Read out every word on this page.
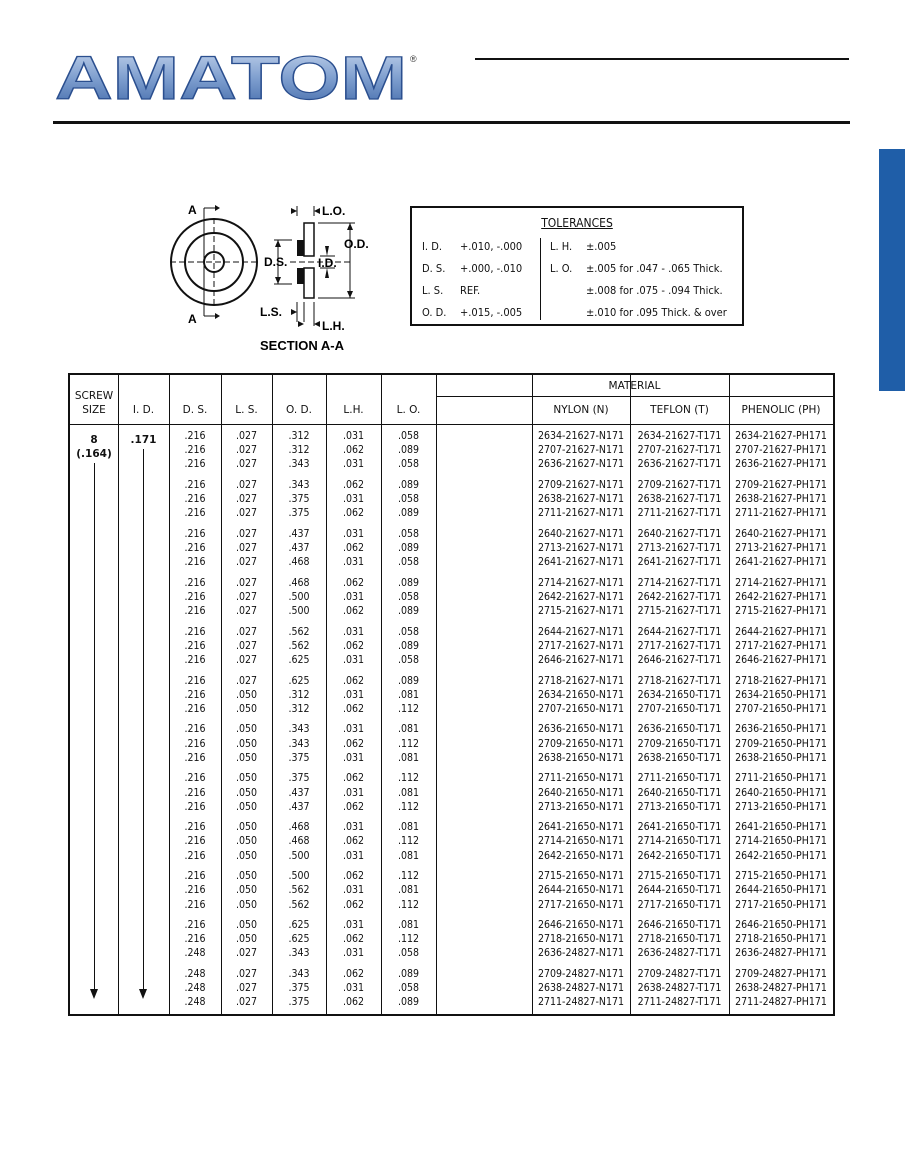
AMATOM ®
A
A
L.O.
O.D.
D.S.	I.D.
L.S.
L.H.
SECTION A-A
TOLERANCES
I. D. +.010, -.000	L. H. ±.005
D. S. +.000, -.010	L. O. ±.005 for .047 - .065 Thick.
L. S. REF.	±.008 for .075 - .094 Thick.
O. D. +.015, -.005	±.010 for .095 Thick. & over
SCREW
SIZE	I. D.	D. S.	L. S.	O. D.	L.H.	L. O.
MATERIAL
NYLON (N)	TEFLON (T)	PHENOLIC (PH)
8
(.164)
.171	.216	.027	.312	.031	.058	2634-21627-N171	2634-21627-T171	2634-21627-PH171
.216	.027	.312	.062	.089	2707-21627-N171	2707-21627-T171	2707-21627-PH171
.216	.027	.343	.031	.058	2636-21627-N171	2636-21627-T171	2636-21627-PH171
.216	.027	.343	.062	.089	2709-21627-N171	2709-21627-T171	2709-21627-PH171
.216	.027	.375	.031	.058	2638-21627-N171	2638-21627-T171	2638-21627-PH171
.216	.027	.375	.062	.089	2711-21627-N171	2711-21627-T171	2711-21627-PH171
.216	.027	.437	.031	.058	2640-21627-N171	2640-21627-T171	2640-21627-PH171
.216	.027	.437	.062	.089	2713-21627-N171	2713-21627-T171	2713-21627-PH171
.216	.027	.468	.031	.058	2641-21627-N171	2641-21627-T171	2641-21627-PH171
.216	.027	.468	.062	.089	2714-21627-N171	2714-21627-T171	2714-21627-PH171
.216	.027	.500	.031	.058	2642-21627-N171	2642-21627-T171	2642-21627-PH171
.216	.027	.500	.062	.089	2715-21627-N171	2715-21627-T171	2715-21627-PH171
.216	.027	.562	.031	.058	2644-21627-N171	2644-21627-T171	2644-21627-PH171
.216	.027	.562	.062	.089	2717-21627-N171	2717-21627-T171	2717-21627-PH171
.216	.027	.625	.031	.058	2646-21627-N171	2646-21627-T171	2646-21627-PH171
.216	.027	.625	.062	.089	2718-21627-N171	2718-21627-T171	2718-21627-PH171
.216	.050	.312	.031	.081	2634-21650-N171	2634-21650-T171	2634-21650-PH171
.216	.050	.312	.062	.112	2707-21650-N171	2707-21650-T171	2707-21650-PH171
.216	.050	.343	.031	.081	2636-21650-N171	2636-21650-T171	2636-21650-PH171
.216	.050	.343	.062	.112	2709-21650-N171	2709-21650-T171	2709-21650-PH171
.216	.050	.375	.031	.081	2638-21650-N171	2638-21650-T171	2638-21650-PH171
.216	.050	.375	.062	.112	2711-21650-N171	2711-21650-T171	2711-21650-PH171
.216	.050	.437	.031	.081	2640-21650-N171	2640-21650-T171	2640-21650-PH171
.216	.050	.437	.062	.112	2713-21650-N171	2713-21650-T171	2713-21650-PH171
.216	.050	.468	.031	.081	2641-21650-N171	2641-21650-T171	2641-21650-PH171
.216	.050	.468	.062	.112	2714-21650-N171	2714-21650-T171	2714-21650-PH171
.216	.050	.500	.031	.081	2642-21650-N171	2642-21650-T171	2642-21650-PH171
.216	.050	.500	.062	.112	2715-21650-N171	2715-21650-T171	2715-21650-PH171
.216	.050	.562	.031	.081	2644-21650-N171	2644-21650-T171	2644-21650-PH171
.216	.050	.562	.062	.112	2717-21650-N171	2717-21650-T171	2717-21650-PH171
.216	.050	.625	.031	.081	2646-21650-N171	2646-21650-T171	2646-21650-PH171
.216	.050	.625	.062	.112	2718-21650-N171	2718-21650-T171	2718-21650-PH171
.248	.027	.343	.031	.058	2636-24827-N171	2636-24827-T171	2636-24827-PH171
.248	.027	.343	.062	.089	2709-24827-N171	2709-24827-T171	2709-24827-PH171
.248	.027	.375	.031	.058	2638-24827-N171	2638-24827-T171	2638-24827-PH171
.248	.027	.375	.062	.089	2711-24827-N171	2711-24827-T171	2711-24827-PH171
